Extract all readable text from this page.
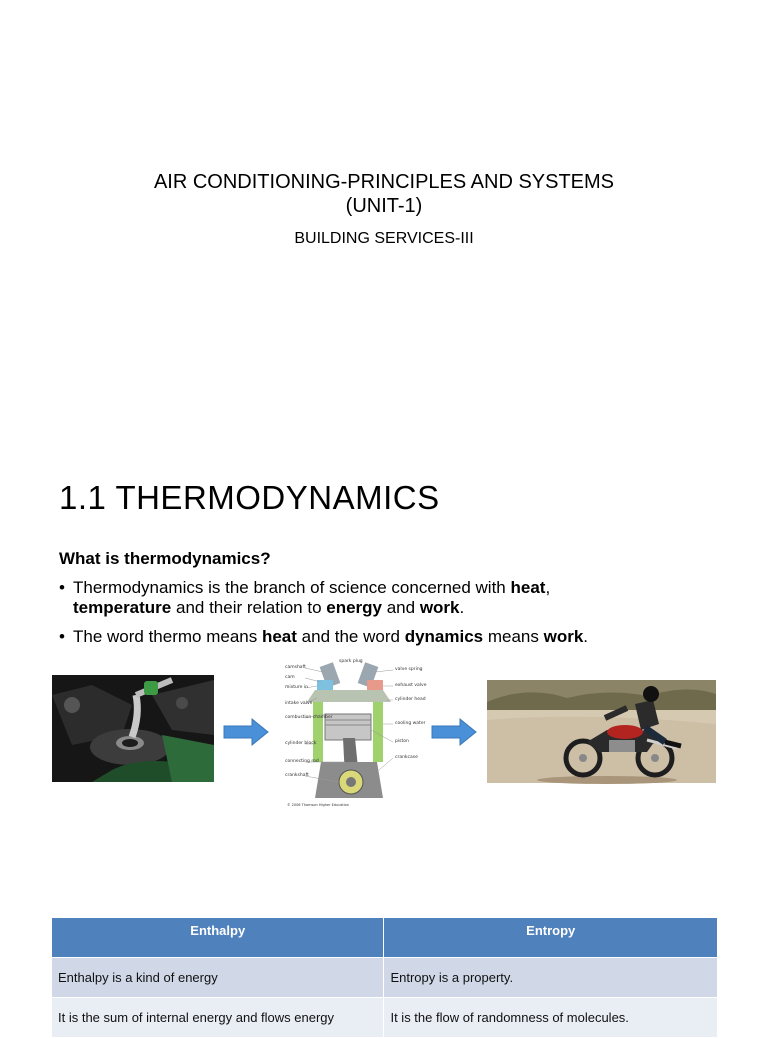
AIR CONDITIONING-PRINCIPLES AND SYSTEMS
(UNIT-1)
BUILDING SERVICES-III
1.1 THERMODYNAMICS
What is thermodynamics?
• Thermodynamics is the branch of science concerned with heat,
temperature and their relation to energy and work.
• The word thermo means heat and the word dynamics means work.
camshaft
spark plug
valve spring
cam
exhaust valve
mixture in
intake valve
cylinder head
combustion chamber
cooling water
cylinder block	piston
connecting rod
crankcase
crankshaft
© 2006 Thomson Higher Education
Enthalpy	Entropy
Enthalpy is a kind of energy	Entropy is a property.
It is the sum of internal energy and flows energy	It is the flow of randomness of molecules.
